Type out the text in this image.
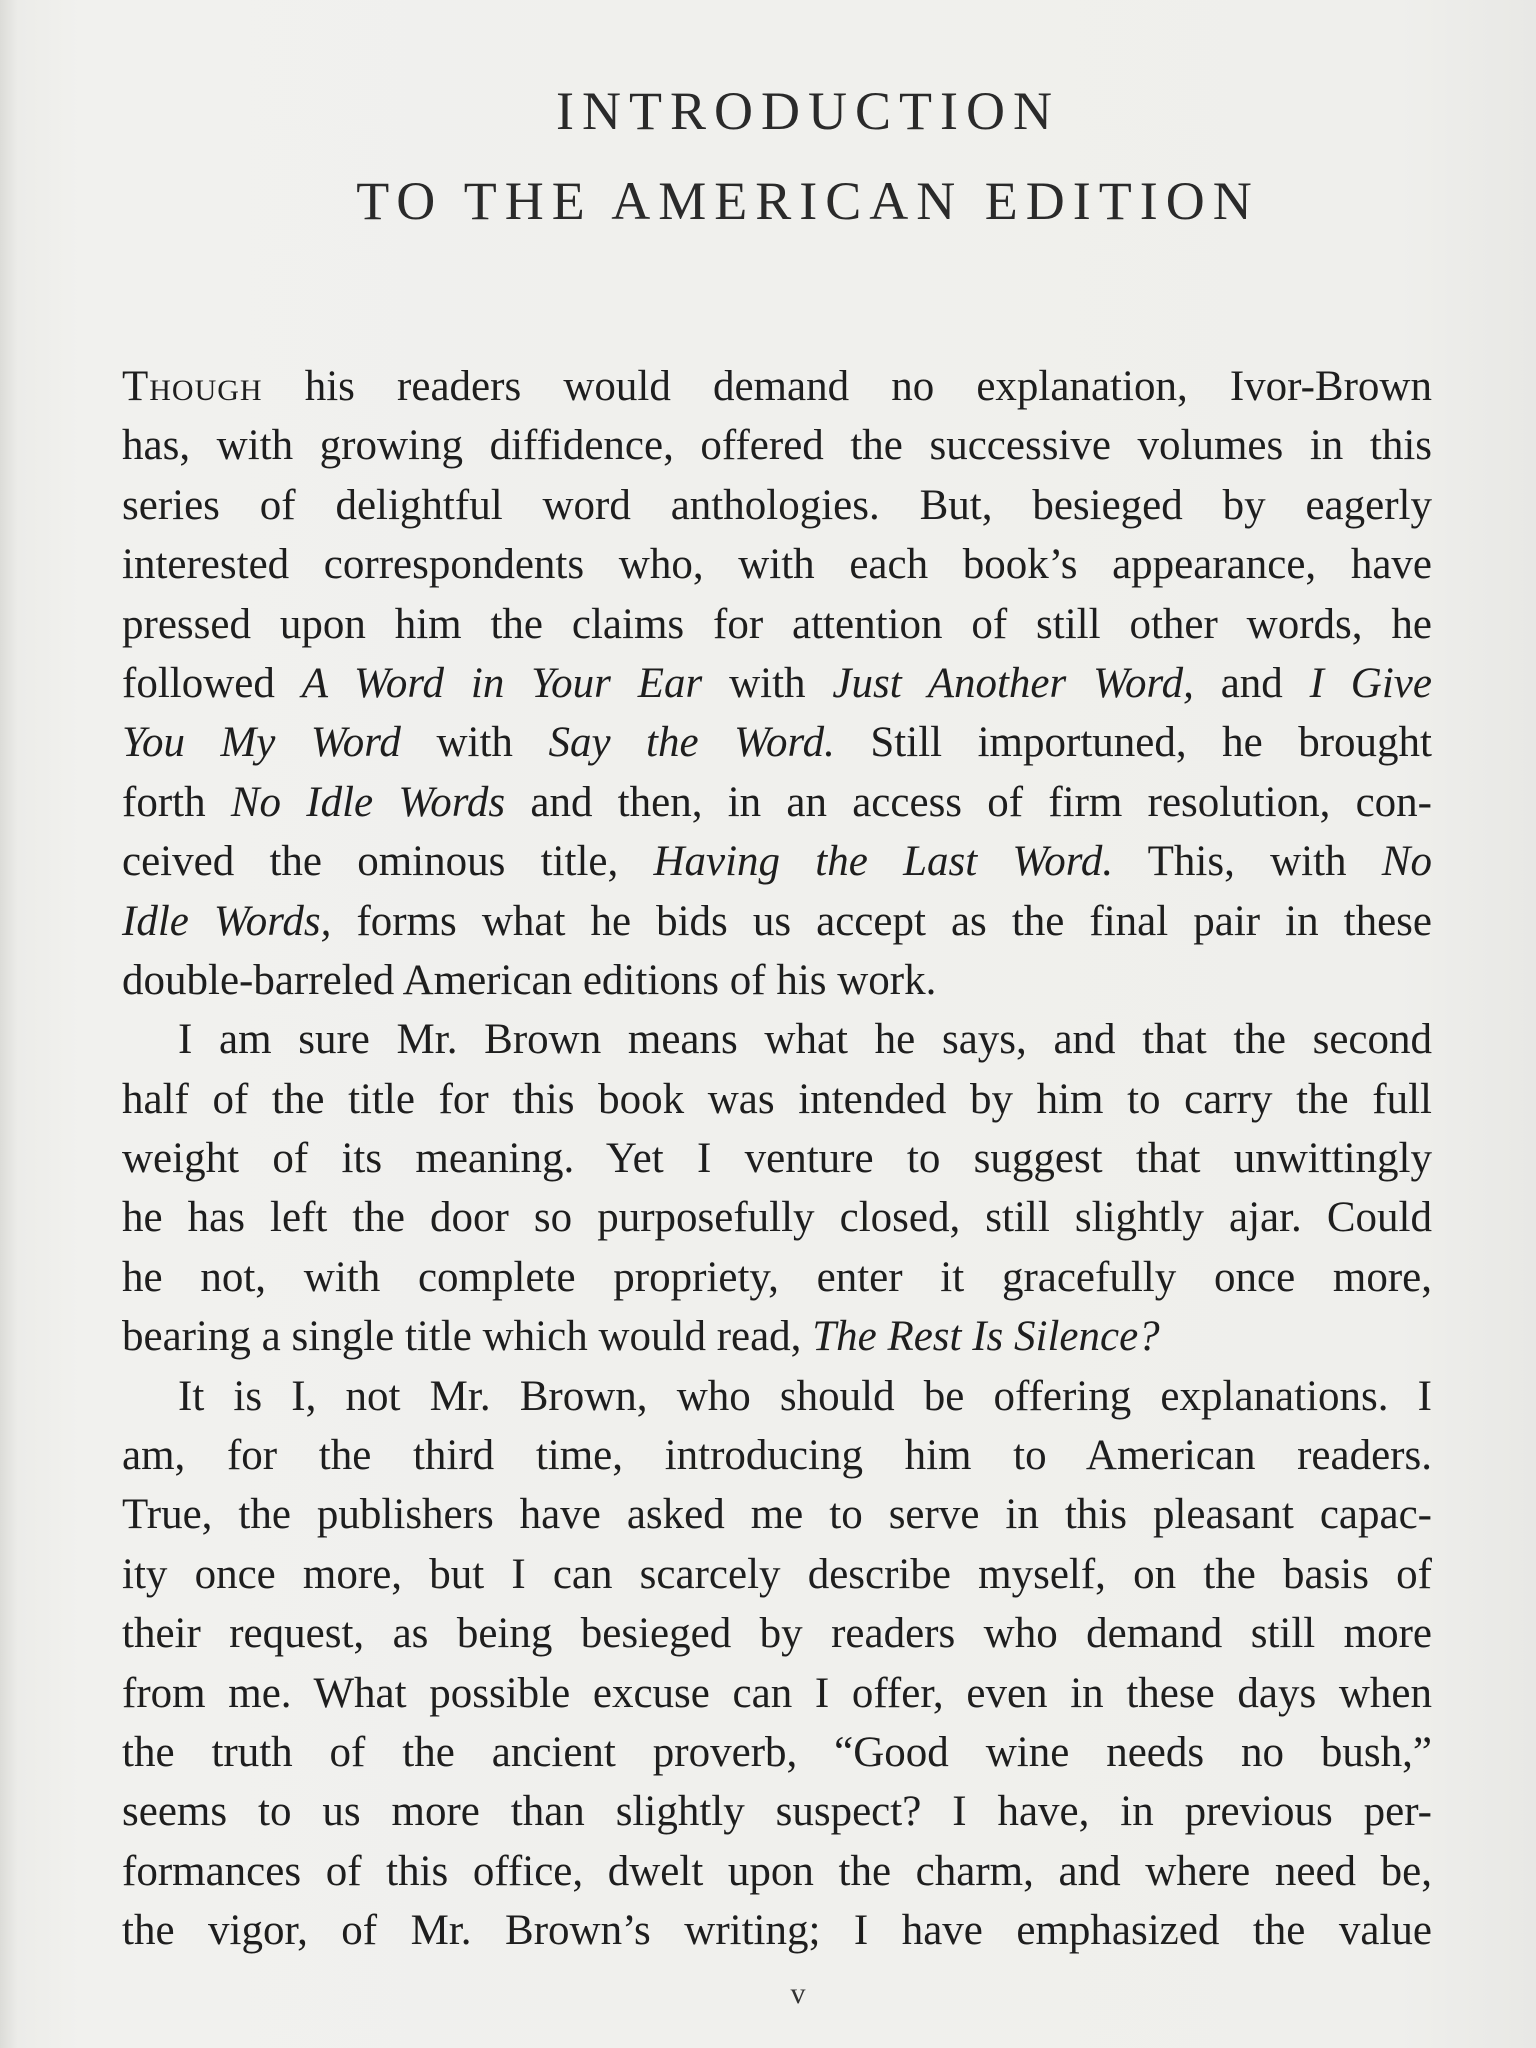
INTRODUCTION
TO THE AMERICAN EDITION
Though his readers would demand no explanation, Ivor-Brown
has, with growing diffidence, offered the successive volumes in this
series of delightful word anthologies. But, besieged by eagerly
interested correspondents who, with each book’s appearance, have
pressed upon him the claims for attention of still other words, he
followed A Word in Your Ear with Just Another Word, and I Give
You My Word with Say the Word. Still importuned, he brought
forth No Idle Words and then, in an access of firm resolution, con-
ceived the ominous title, Having the Last Word. This, with No
Idle Words, forms what he bids us accept as the final pair in these
double-barreled American editions of his work.
I am sure Mr. Brown means what he says, and that the second
half of the title for this book was intended by him to carry the full
weight of its meaning. Yet I venture to suggest that unwittingly
he has left the door so purposefully closed, still slightly ajar. Could
he not, with complete propriety, enter it gracefully once more,
bearing a single title which would read, The Rest Is Silence?
It is I, not Mr. Brown, who should be offering explanations. I
am, for the third time, introducing him to American readers.
True, the publishers have asked me to serve in this pleasant capac-
ity once more, but I can scarcely describe myself, on the basis of
their request, as being besieged by readers who demand still more
from me. What possible excuse can I offer, even in these days when
the truth of the ancient proverb, “Good wine needs no bush,”
seems to us more than slightly suspect? I have, in previous per-
formances of this office, dwelt upon the charm, and where need be,
the vigor, of Mr. Brown’s writing; I have emphasized the value
v
